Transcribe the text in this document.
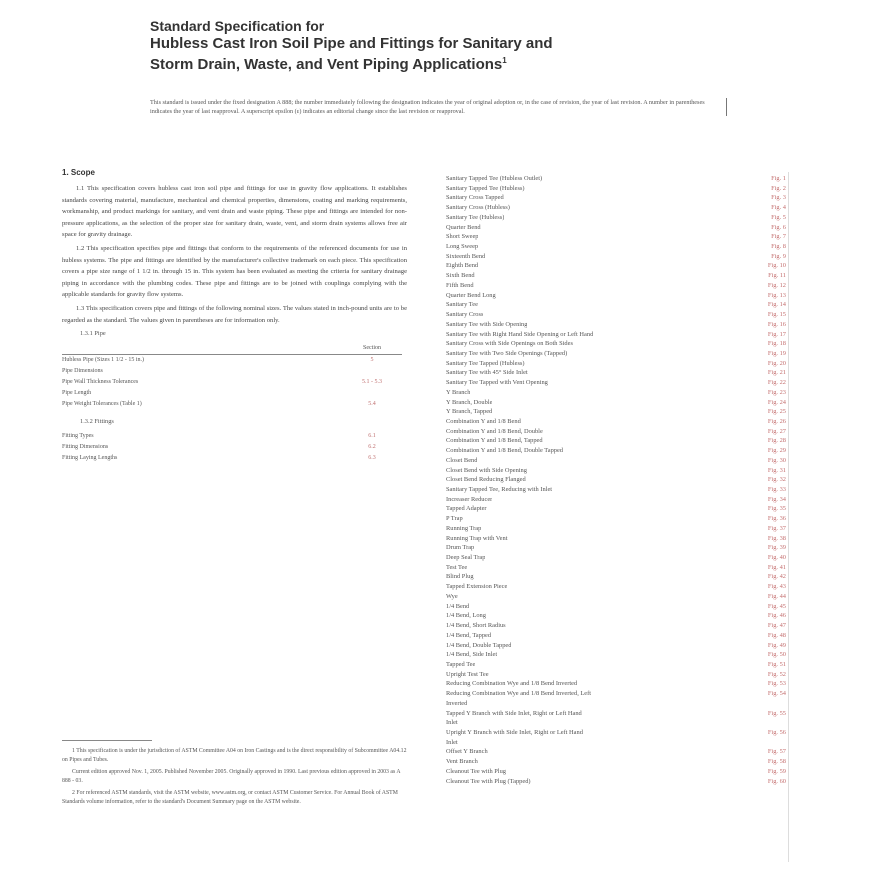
Standard Specification for
Hubless Cast Iron Soil Pipe and Fittings for Sanitary and
Storm Drain, Waste, and Vent Piping Applications$^1$
This standard is issued under the fixed designation A 888; the number immediately following the designation indicates the year of original adoption or, in the case of revision, the year of last revision. A number in parentheses indicates the year of last reapproval. A superscript epsilon (ε) indicates an editorial change since the last revision or reapproval.
1. Scope

1.1 This specification covers hubless cast iron soil pipe and fittings for use in gravity flow applications. It establishes standards covering material, manufacture, mechanical and chemical properties, dimensions, coating and marking requirements, workmanship, and product markings for sanitary, and vent drain and waste piping. These pipe and fittings are intended for non-pressure applications, as the selection of the proper size for sanitary drain, waste, vent, and storm drain systems allows free air space for gravity drainage.

1.2 This specification specifies pipe and fittings that conform to the requirements of the referenced documents for use in hubless systems. The pipe and fittings are identified by the manufacturer's collective trademark on each piece. This specification covers a pipe size range of 1 1/2 in. through 15 in. This system has been evaluated as meeting the criteria for sanitary drainage piping in accordance with the plumbing codes. These pipe and fittings are to be joined with couplings complying with the applicable standards for gravity flow systems.

1.3 This specification covers pipe and fittings of the following nominal sizes. The values stated in inch-pound units are to be regarded as the standard. The values given in parentheses are for information only.

1.3.1 Pipe
	Section
Hubless Pipe (Sizes 1 1/2 - 15 in.)	5
Pipe Dimensions	
Pipe Wall Thickness Tolerances	5.1 - 5.3
Pipe Length	
Pipe Weight Tolerances (Table 1)	5.4
1.3.2 Fittings
Fitting Types	6.1
Fitting Dimensions	6.2
Fitting Laying Lengths	6.3

1 This specification is under the jurisdiction of ASTM Committee A04 on Iron Castings and is the direct responsibility of Subcommittee A04.12 on Pipes and Tubes.

Current edition approved Nov. 1, 2005. Published November 2005. Originally approved in 1990. Last previous edition approved in 2003 as A 888 - 03.

2 For referenced ASTM standards, visit the ASTM website, www.astm.org, or contact ASTM Customer Service. For Annual Book of ASTM Standards volume information, refer to the standard's Document Summary page on the ASTM website.

Sanitary Tapped Tee (Hubless Outlet)	Fig. 1
Sanitary Tapped Tee (Hubless)	Fig. 2
Sanitary Cross Tapped	Fig. 3
Sanitary Cross (Hubless)	Fig. 4
Sanitary Tee (Hubless)	Fig. 5
Quarter Bend	Fig. 6
Short Sweep	Fig. 7
Long Sweep	Fig. 8
Sixteenth Bend	Fig. 9
Eighth Bend	Fig. 10
Sixth Bend	Fig. 11
Fifth Bend	Fig. 12
Quarter Bend Long	Fig. 13
Sanitary Tee	Fig. 14
Sanitary Cross	Fig. 15
Sanitary Tee with Side Opening	Fig. 16
Sanitary Tee with Right Hand Side Opening or Left Hand	Fig. 17
Sanitary Cross with Side Openings on Both Sides	Fig. 18
Sanitary Tee with Two Side Openings (Tapped)	Fig. 19
Sanitary Tee Tapped (Hubless)	Fig. 20
Sanitary Tee with 45° Side Inlet	Fig. 21
Sanitary Tee Tapped with Vent Opening	Fig. 22
Y Branch	Fig. 23
Y Branch, Double	Fig. 24
Y Branch, Tapped	Fig. 25
Combination Y and 1/8 Bend	Fig. 26
Combination Y and 1/8 Bend, Double	Fig. 27
Combination Y and 1/8 Bend, Tapped	Fig. 28
Combination Y and 1/8 Bend, Double Tapped	Fig. 29
Closet Bend	Fig. 30
Closet Bend with Side Opening	Fig. 31
Closet Bend Reducing Flanged	Fig. 32
Sanitary Tapped Tee, Reducing with Inlet	Fig. 33
Increaser Reducer	Fig. 34
Tapped Adapter	Fig. 35
P Trap	Fig. 36
Running Trap	Fig. 37
Running Trap with Vent	Fig. 38
Drum Trap	Fig. 39
Deep Seal Trap	Fig. 40
Test Tee	Fig. 41
Blind Plug	Fig. 42
Tapped Extension Piece	Fig. 43
Wye	Fig. 44
1/4 Bend	Fig. 45
1/4 Bend, Long	Fig. 46
1/4 Bend, Short Radius	Fig. 47
1/4 Bend, Tapped	Fig. 48
1/4 Bend, Double Tapped	Fig. 49
1/4 Bend, Side Inlet	Fig. 50
Tapped Tee	Fig. 51
Upright Test Tee	Fig. 52
Reducing Combination Wye and 1/8 Bend Inverted	Fig. 53
Reducing Combination Wye and 1/8 Bend Inverted, Left	Fig. 54
Inverted
Tapped Y Branch with Side Inlet, Right or Left Hand	Fig. 55
Inlet
Upright Y Branch with Side Inlet, Right or Left Hand	Fig. 56
Inlet
Offset Y Branch	Fig. 57
Vent Branch	Fig. 58
Cleanout Tee with Plug	Fig. 59
Cleanout Tee with Plug (Tapped)	Fig. 60
